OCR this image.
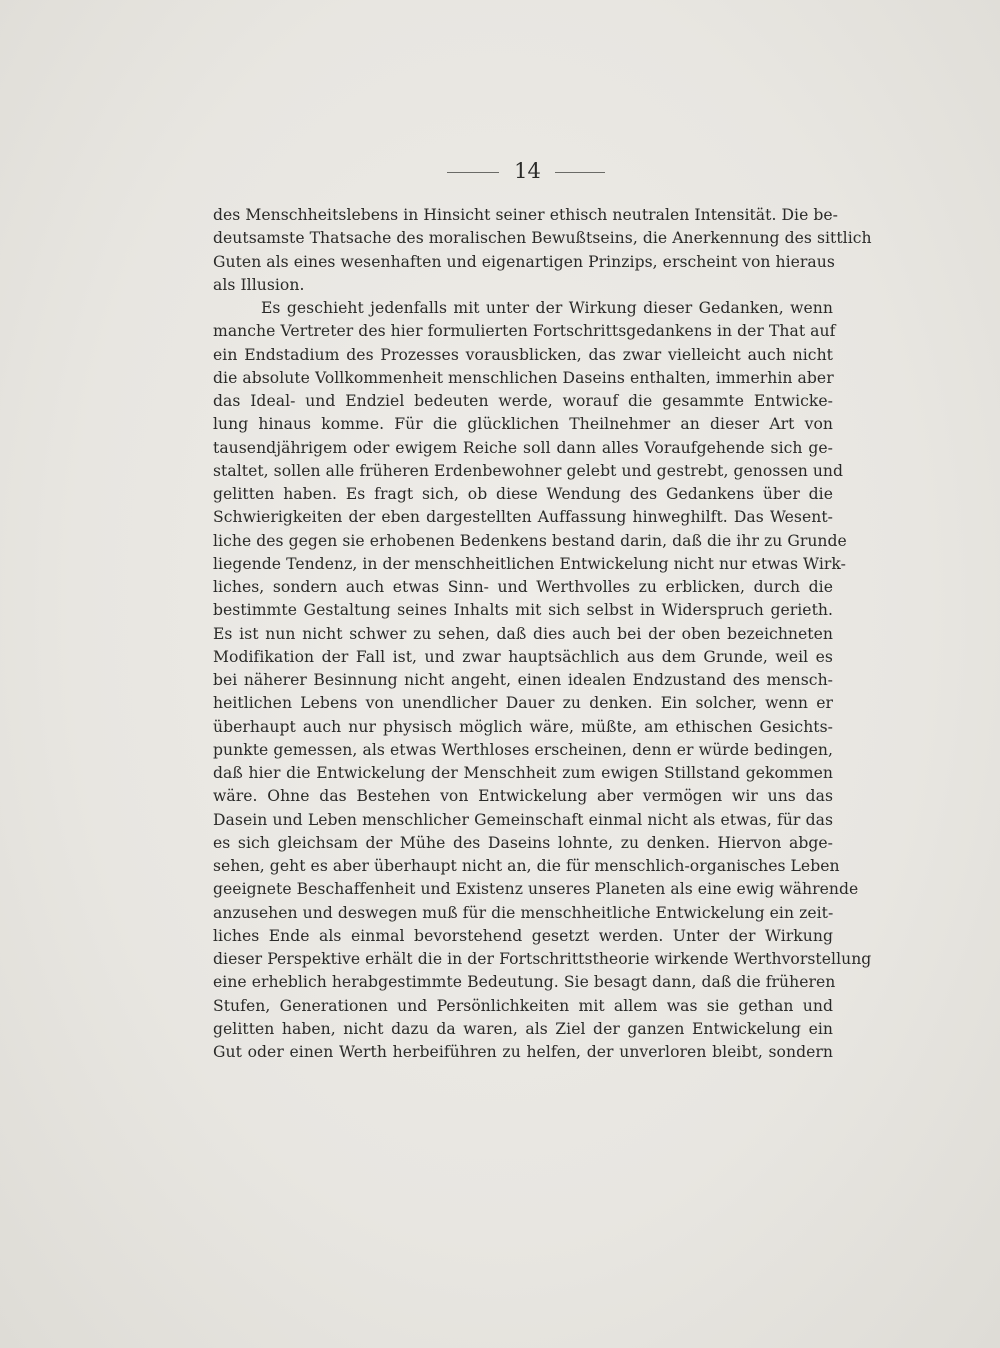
14
des Menschheitslebens in Hinsicht seiner ethisch neutralen Intensität. Die be-
deutsamste Thatsache des moralischen Bewußtseins, die Anerkennung des sittlich
Guten als eines wesenhaften und eigenartigen Prinzips, erscheint von hieraus
als Illusion.
Es geschieht jedenfalls mit unter der Wirkung dieser Gedanken, wenn
manche Vertreter des hier formulierten Fortschrittsgedankens in der That auf
ein Endstadium des Prozesses vorausblicken, das zwar vielleicht auch nicht
die absolute Vollkommenheit menschlichen Daseins enthalten, immerhin aber
das Ideal- und Endziel bedeuten werde, worauf die gesammte Entwicke-
lung hinaus komme. Für die glücklichen Theilnehmer an dieser Art von
tausendjährigem oder ewigem Reiche soll dann alles Voraufgehende sich ge-
staltet, sollen alle früheren Erdenbewohner gelebt und gestrebt, genossen und
gelitten haben. Es fragt sich, ob diese Wendung des Gedankens über die
Schwierigkeiten der eben dargestellten Auffassung hinweghilft. Das Wesent-
liche des gegen sie erhobenen Bedenkens bestand darin, daß die ihr zu Grunde
liegende Tendenz, in der menschheitlichen Entwickelung nicht nur etwas Wirk-
liches, sondern auch etwas Sinn- und Werthvolles zu erblicken, durch die
bestimmte Gestaltung seines Inhalts mit sich selbst in Widerspruch gerieth.
Es ist nun nicht schwer zu sehen, daß dies auch bei der oben bezeichneten
Modifikation der Fall ist, und zwar hauptsächlich aus dem Grunde, weil es
bei näherer Besinnung nicht angeht, einen idealen Endzustand des mensch-
heitlichen Lebens von unendlicher Dauer zu denken. Ein solcher, wenn er
überhaupt auch nur physisch möglich wäre, müßte, am ethischen Gesichts-
punkte gemessen, als etwas Werthloses erscheinen, denn er würde bedingen,
daß hier die Entwickelung der Menschheit zum ewigen Stillstand gekommen
wäre. Ohne das Bestehen von Entwickelung aber vermögen wir uns das
Dasein und Leben menschlicher Gemeinschaft einmal nicht als etwas, für das
es sich gleichsam der Mühe des Daseins lohnte, zu denken. Hiervon abge-
sehen, geht es aber überhaupt nicht an, die für menschlich-organisches Leben
geeignete Beschaffenheit und Existenz unseres Planeten als eine ewig währende
anzusehen und deswegen muß für die menschheitliche Entwickelung ein zeit-
liches Ende als einmal bevorstehend gesetzt werden. Unter der Wirkung
dieser Perspektive erhält die in der Fortschrittstheorie wirkende Werthvorstellung
eine erheblich herabgestimmte Bedeutung. Sie besagt dann, daß die früheren
Stufen, Generationen und Persönlichkeiten mit allem was sie gethan und
gelitten haben, nicht dazu da waren, als Ziel der ganzen Entwickelung ein
Gut oder einen Werth herbeiführen zu helfen, der unverloren bleibt, sondern
